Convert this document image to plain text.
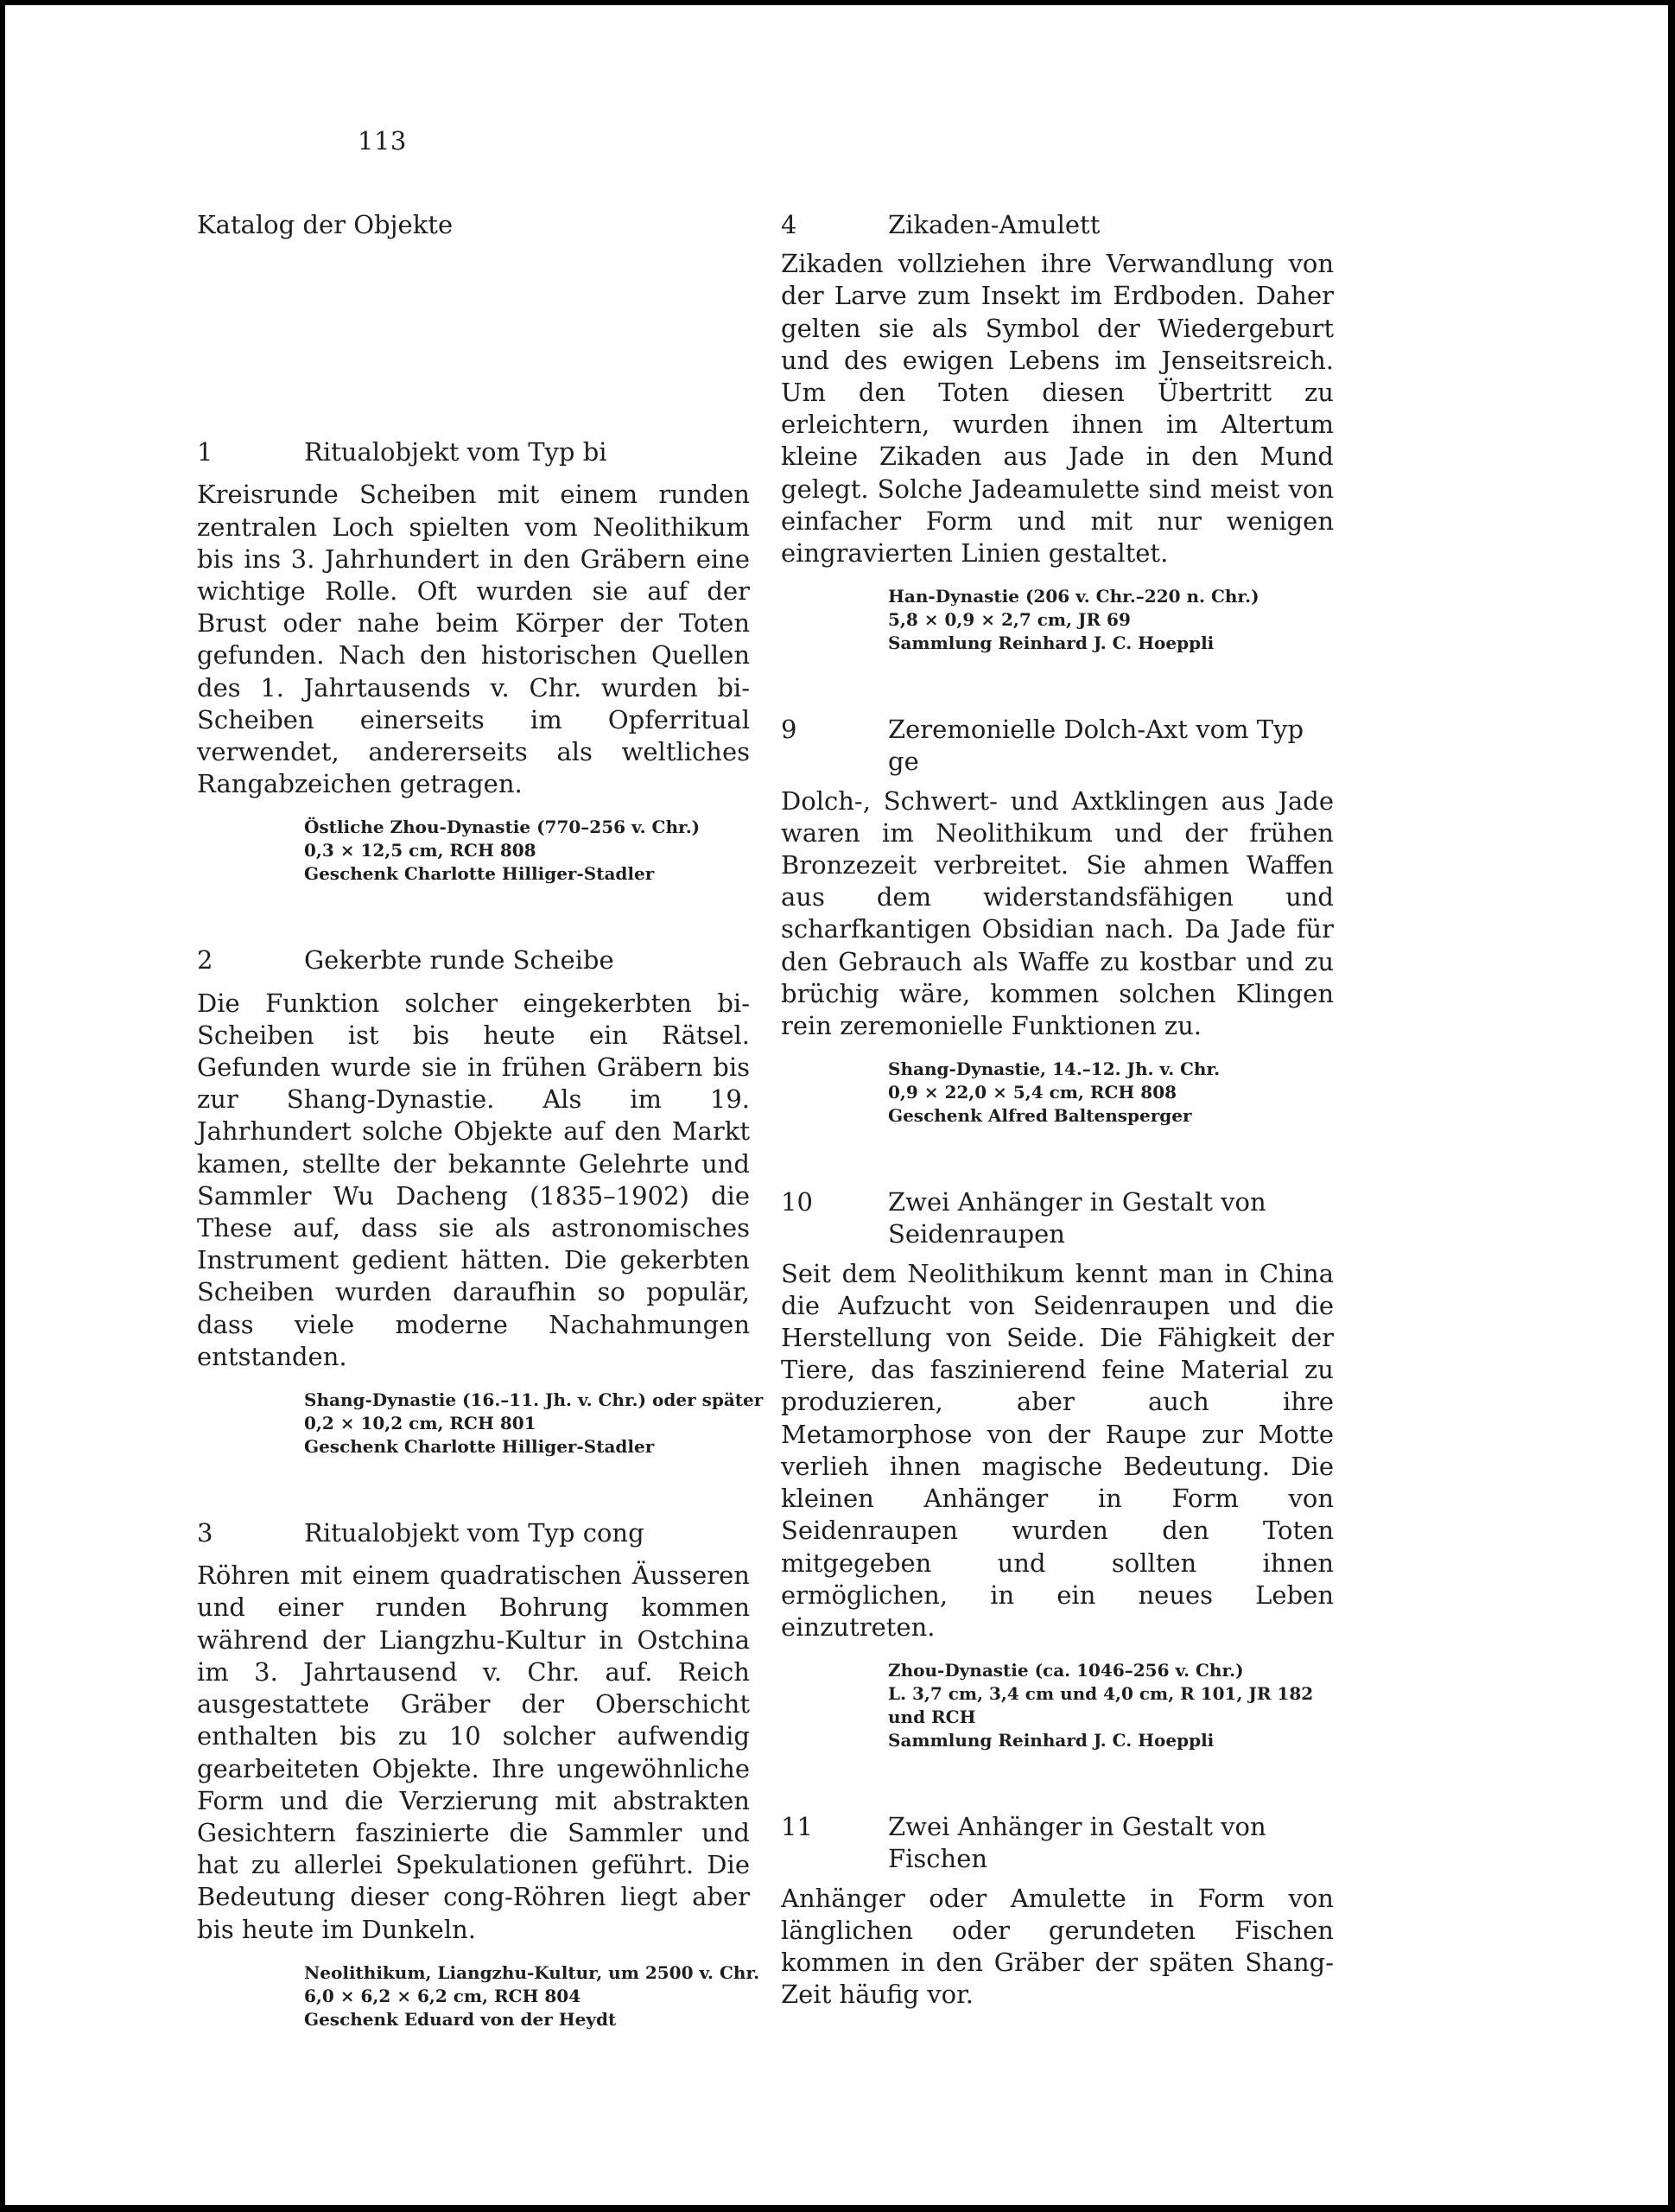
113
Katalog der Objekte

1	Ritualobjekt vom Typ bi

Kreisrunde Scheiben mit einem runden zentralen Loch spielten vom Neolithikum bis ins 3. Jahrhundert in den Gräbern eine wichtige Rolle. Oft wurden sie auf der Brust oder nahe beim Körper der Toten gefunden. Nach den historischen Quellen des 1. Jahrtausends v. Chr. wurden bi-Scheiben einerseits im Opferritual verwendet, andererseits als weltliches Rangabzeichen getragen.

Östliche Zhou-Dynastie (770–256 v. Chr.)
0,3 × 12,5 cm, RCH 808
Geschenk Charlotte Hilliger-Stadler

2	Gekerbte runde Scheibe

Die Funktion solcher eingekerbten bi-Scheiben ist bis heute ein Rätsel. Gefunden wurde sie in frühen Gräbern bis zur Shang-Dynastie. Als im 19. Jahrhundert solche Objekte auf den Markt kamen, stellte der bekannte Gelehrte und Sammler Wu Dacheng (1835–1902) die These auf, dass sie als astronomisches Instrument gedient hätten. Die gekerbten Scheiben wurden daraufhin so populär, dass viele moderne Nachahmungen entstanden.

Shang-Dynastie (16.–11. Jh. v. Chr.) oder später
0,2 × 10,2 cm, RCH 801
Geschenk Charlotte Hilliger-Stadler

3	Ritualobjekt vom Typ cong

Röhren mit einem quadratischen Äusseren und einer runden Bohrung kommen während der Liangzhu-Kultur in Ostchina im 3. Jahrtausend v. Chr. auf. Reich ausgestattete Gräber der Oberschicht enthalten bis zu 10 solcher aufwendig gearbeiteten Objekte. Ihre ungewöhnliche Form und die Verzierung mit abstrakten Gesichtern faszinierte die Sammler und hat zu allerlei Spekulationen geführt. Die Bedeutung dieser cong-Röhren liegt aber bis heute im Dunkeln.

Neolithikum, Liangzhu-Kultur, um 2500 v. Chr.
6,0 × 6,2 × 6,2 cm, RCH 804
Geschenk Eduard von der Heydt

4	Zikaden-Amulett

Zikaden vollziehen ihre Verwandlung von der Larve zum Insekt im Erdboden. Daher gelten sie als Symbol der Wiedergeburt und des ewigen Lebens im Jenseitsreich. Um den Toten diesen Übertritt zu erleichtern, wurden ihnen im Altertum kleine Zikaden aus Jade in den Mund gelegt. Solche Jadeamulette sind meist von einfacher Form und mit nur wenigen eingravierten Linien gestaltet.

Han-Dynastie (206 v. Chr.–220 n. Chr.)
5,8 × 0,9 × 2,7 cm, JR 69
Sammlung Reinhard J. C. Hoeppli

9	Zeremonielle Dolch-Axt vom Typ ge

Dolch-, Schwert- und Axtklingen aus Jade waren im Neolithikum und der frühen Bronzezeit verbreitet. Sie ahmen Waffen aus dem widerstandsfähigen und scharfkantigen Obsidian nach. Da Jade für den Gebrauch als Waffe zu kostbar und zu brüchig wäre, kommen solchen Klingen rein zeremonielle Funktionen zu.

Shang-Dynastie, 14.–12. Jh. v. Chr.
0,9 × 22,0 × 5,4 cm, RCH 808
Geschenk Alfred Baltensperger

10	Zwei Anhänger in Gestalt von Seidenraupen

Seit dem Neolithikum kennt man in China die Aufzucht von Seidenraupen und die Herstellung von Seide. Die Fähigkeit der Tiere, das faszinierend feine Material zu produzieren, aber auch ihre Metamorphose von der Raupe zur Motte verlieh ihnen magische Bedeutung. Die kleinen Anhänger in Form von Seidenraupen wurden den Toten mitgegeben und sollten ihnen ermöglichen, in ein neues Leben einzutreten.

Zhou-Dynastie (ca. 1046–256 v. Chr.)
L. 3,7 cm, 3,4 cm und 4,0 cm, R 101, JR 182
und RCH
Sammlung Reinhard J. C. Hoeppli

11	Zwei Anhänger in Gestalt von Fischen

Anhänger oder Amulette in Form von länglichen oder gerundeten Fischen kommen in den Gräber der späten Shang-Zeit häufig vor.
